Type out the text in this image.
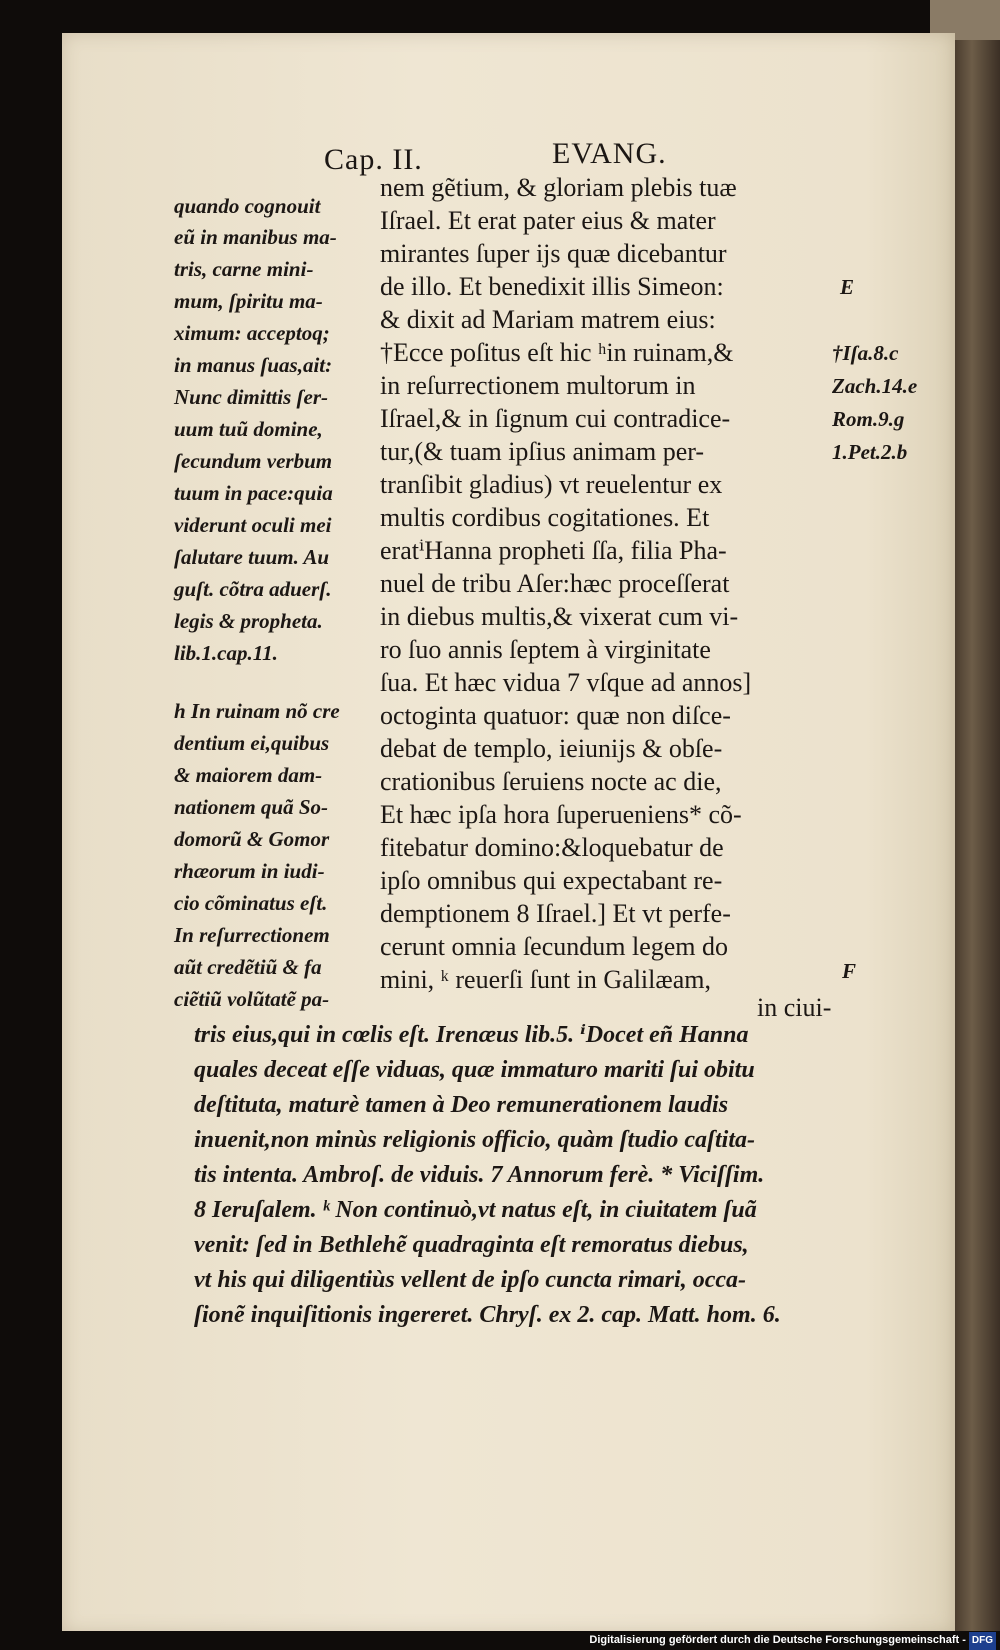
Cap. II.	EVANG.
quando cognouit
eũ in manibus ma-
tris, carne mini-
mum, ſpiritu ma-
ximum: acceptoq;
in manus ſuas,ait:
Nunc dimittis ſer-
uum tuũ domine,
ſecundum verbum
tuum in pace:quia
viderunt oculi mei
ſalutare tuum. Au
guſt. cõtra aduerſ.
legis & propheta.
lib.1.cap.11.
h In ruinam nõ cre
dentium ei,quibus
& maiorem dam-
nationem quã So-
domorũ & Gomor
rhæorum in iudi-
cio cõminatus eſt.
In reſurrectionem
aũt credẽtiũ & fa
ciẽtiũ volũtatẽ pa-
nem gẽtium, & gloriam plebis tuæ
Iſrael. Et erat pater eius & mater
mirantes ſuper ijs quæ dicebantur
de illo. Et benedixit illis Simeon:
& dixit ad Mariam matrem eius:
†Ecce poſitus eſt hic ʰin ruinam,&
in reſurrectionem multorum in
Iſrael,& in ſignum cui contradice-
tur,(& tuam ipſius animam per-
tranſibit gladius) vt reuelentur ex
multis cordibus cogitationes. Et
eratⁱHanna propheti ſſa, filia Pha-
nuel de tribu Aſer:hæc proceſſerat
in diebus multis,& vixerat cum vi-
ro ſuo annis ſeptem à virginitate
ſua. Et hæc vidua 7 vſque ad annos]
octoginta quatuor: quæ non diſce-
debat de templo, ieiunijs & obſe-
crationibus ſeruiens nocte ac die,
Et hæc ipſa hora ſuperueniens* cõ-
fitebatur domino:&loquebatur de
ipſo omnibus qui expectabant re-
demptionem 8 Iſrael.] Et vt perfe-
cerunt omnia ſecundum legem do
mini, ᵏ reuerſi ſunt in Galilæam,
in ciui-
E
†Iſa.8.c
Zach.14.e
Rom.9.g
1.Pet.2.b
F
tris eius,qui in cœlis eſt. Irenæus lib.5. ⁱDocet eñ Hanna
quales deceat eſſe viduas, quæ immaturo mariti ſui obitu
deſtituta, maturè tamen à Deo remunerationem laudis
inuenit,non minùs religionis officio, quàm ſtudio caſtita-
tis intenta. Ambroſ. de viduis. 7 Annorum ferè. * Viciſſim.
8 Ieruſalem. ᵏ Non continuò,vt natus eſt, in ciuitatem ſuã
venit: ſed in Bethlehẽ quadraginta eſt remoratus diebus,
vt his qui diligentiùs vellent de ipſo cuncta rimari, occa-
ſionẽ inquiſitionis ingereret. Chryſ. ex 2. cap. Matt. hom. 6.
Digitalisierung gefördert durch die Deutsche Forschungsgemeinschaft - DFG
